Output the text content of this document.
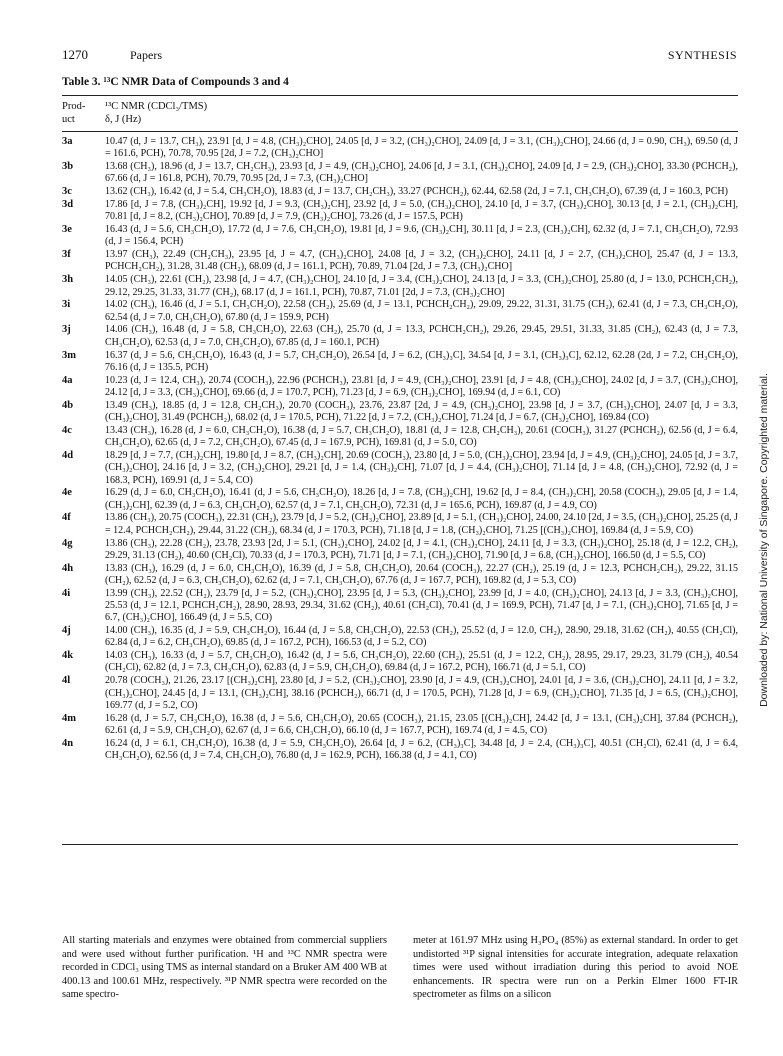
1270	Papers	SYNTHESIS
Table 3. ¹³C NMR Data of Compounds 3 and 4
Prod-
uct
¹³C NMR (CDCl₃/TMS)
δ, J (Hz)
3a	10.47 (d, J = 13.7, CH₃), 23.91 [d, J = 4.8, (CH₃)₂CHO], 24.05 [d, J = 3.2, (CH₃)₂CHO], 24.09 [d, J = 3.1, (CH₃)₂CHO], 24.66 (d, J = 0.90, CH₃), 69.50 (d, J = 161.6, PCH), 70.78, 70.95 [2d, J = 7.2, (CH₃)₂CHO]
3b	13.68 (CH₃), 18.96 (d, J = 13.7, CH₂CH₃), 23.93 [d, J = 4.9, (CH₃)₂CHO], 24.06 [d, J = 3.1, (CH₃)₂CHO], 24.09 [d, J = 2.9, (CH₃)₂CHO], 33.30 (PCHCH₂), 67.66 (d, J = 161.8, PCH), 70.79, 70.95 [2d, J = 7.3, (CH₃)₂CHO]
3c	13.62 (CH₃), 16.42 (d, J = 5.4, CH₃CH₂O), 18.83 (d, J = 13.7, CH₂CH₃), 33.27 (PCHCH₂), 62.44, 62.58 (2d, J = 7.1, CH₃CH₂O), 67.39 (d, J = 160.3, PCH)
3d	17.86 [d, J = 7.8, (CH₃)₂CH], 19.92 [d, J = 9.3, (CH₃)₂CH], 23.92 [d, J = 5.0, (CH₃)₂CHO], 24.10 [d, J = 3.7, (CH₃)₂CHO], 30.13 [d, J = 2.1, (CH₃)₂CH], 70.81 [d, J = 8.2, (CH₃)₂CHO], 70.89 [d, J = 7.9, (CH₃)₂CHO], 73.26 (d, J = 157.5, PCH)
3e	16.43 (d, J = 5.6, CH₃CH₂O), 17.72 (d, J = 7.6, CH₃CH₂O), 19.81 [d, J = 9.6, (CH₃)₂CH], 30.11 [d, J = 2.3, (CH₃)₂CH], 62.32 (d, J = 7.1, CH₃CH₂O), 72.93 (d, J = 156.4, PCH)
3f	13.97 (CH₃), 22.49 (CH₂CH₃), 23.95 [d, J = 4.7, (CH₃)₂CHO], 24.08 [d, J = 3.2, (CH₃)₂CHO], 24.11 [d, J = 2.7, (CH₃)₂CHO], 25.47 (d, J = 13.3, PCHCH₂CH₂), 31.28, 31.48 (CH₂), 68.09 (d, J = 161.1, PCH), 70.89, 71.04 [2d, J = 7.3, (CH₃)₂CHO]
3h	14.05 (CH₃), 22.61 (CH₂), 23.98 [d, J = 4.7, (CH₃)₂CHO], 24.10 [d, J = 3.4, (CH₃)₂CHO], 24.13 [d, J = 3.3, (CH₃)₂CHO], 25.80 (d, J = 13.0, PCHCH₂CH₂), 29.12, 29.25, 31.33, 31.77 (CH₂), 68.17 (d, J = 161.1, PCH), 70.87, 71.01 [2d, J = 7.3, (CH₃)₂CHO]
3i	14.02 (CH₃), 16.46 (d, J = 5.1, CH₃CH₂O), 22.58 (CH₂), 25.69 (d, J = 13.1, PCHCH₂CH₂), 29.09, 29.22, 31.31, 31.75 (CH₂), 62.41 (d, J = 7.3, CH₃CH₂O), 62.54 (d, J = 7.0, CH₃CH₂O), 67.80 (d, J = 159.9, PCH)
3j	14.06 (CH₃), 16.48 (d, J = 5.8, CH₃CH₂O), 22.63 (CH₂), 25.70 (d, J = 13.3, PCHCH₂CH₂), 29.26, 29.45, 29.51, 31.33, 31.85 (CH₂), 62.43 (d, J = 7.3, CH₃CH₂O), 62.53 (d, J = 7.0, CH₃CH₂O), 67.85 (d, J = 160.1, PCH)
3m	16.37 (d, J = 5.6, CH₃CH₂O), 16.43 (d, J = 5.7, CH₃CH₂O), 26.54 [d, J = 6.2, (CH₃)₃C], 34.54 [d, J = 3.1, (CH₃)₃C], 62.12, 62.28 (2d, J = 7.2, CH₃CH₂O), 76.16 (d, J = 135.5, PCH)
4a	10.23 (d, J = 12.4, CH₃), 20.74 (COCH₃), 22.96 (PCHCH₃), 23.81 [d, J = 4.9, (CH₃)₂CHO], 23.91 [d, J = 4.8, (CH₃)₂CHO], 24.02 [d, J = 3.7, (CH₃)₂CHO], 24.12 [d, J = 3.3, (CH₃)₂CHO], 69.66 (d, J = 170.7, PCH), 71.23 [d, J = 6.9, (CH₃)₂CHO], 169.94 (d, J = 6.1, CO)
4b	13.49 (CH₃), 18.85 (d, J = 12.8, CH₂CH₃), 20.70 (COCH₃), 23.76, 23.87 [2d, J = 4.9, (CH₃)₂CHO], 23.98 [d, J = 3.7, (CH₃)₂CHO], 24.07 [d, J = 3.3, (CH₃)₂CHO], 31.49 (PCHCH₂), 68.02 (d, J = 170.5, PCH), 71.22 [d, J = 7.2, (CH₃)₂CHO], 71.24 [d, J = 6.7, (CH₃)₂CHO], 169.84 (CO)
4c	13.43 (CH₃), 16.28 (d, J = 6.0, CH₃CH₂O), 16.38 (d, J = 5.7, CH₃CH₂O), 18.81 (d, J = 12.8, CH₂CH₃), 20.61 (COCH₃), 31.27 (PCHCH₂), 62.56 (d, J = 6.4, CH₃CH₂O), 62.65 (d, J = 7.2, CH₃CH₂O), 67.45 (d, J = 167.9, PCH), 169.81 (d, J = 5.0, CO)
4d	18.29 [d, J = 7.7, (CH₃)₂CH], 19.80 [d, J = 8.7, (CH₃)₂CH], 20.69 (COCH₃), 23.80 [d, J = 5.0, (CH₃)₂CHO], 23.94 [d, J = 4.9, (CH₃)₂CHO], 24.05 [d, J = 3.7, (CH₃)₂CHO], 24.16 [d, J = 3.2, (CH₃)₂CHO], 29.21 [d, J = 1.4, (CH₃)₂CH], 71.07 [d, J = 4.4, (CH₃)₂CHO], 71.14 [d, J = 4.8, (CH₃)₂CHO], 72.92 (d, J = 168.3, PCH), 169.91 (d, J = 5.4, CO)
4e	16.29 (d, J = 6.0, CH₃CH₂O), 16.41 (d, J = 5.6, CH₃CH₂O), 18.26 [d, J = 7.8, (CH₃)₂CH], 19.62 [d, J = 8.4, (CH₃)₂CH], 20.58 (COCH₃), 29.05 [d, J = 1.4, (CH₃)₂CH], 62.39 (d, J = 6.3, CH₃CH₂O), 62.57 (d, J = 7.1, CH₃CH₂O), 72.31 (d, J = 165.6, PCH), 169.87 (d, J = 4.9, CO)
4f	13.86 (CH₃), 20.75 (COCH₃), 22.31 (CH₂), 23.79 [d, J = 5.2, (CH₃)₂CHO], 23.89 [d, J = 5.1, (CH₃)₂CHO], 24.00, 24.10 [2d, J = 3.5, (CH₃)₂CHO], 25.25 (d, J = 12.4, PCHCH₂CH₂), 29.44, 31.22 (CH₂), 68.34 (d, J = 170.3, PCH), 71.18 [d, J = 1.8, (CH₃)₂CHO], 71.25 [(CH₃)₂CHO], 169.84 (d, J = 5.9, CO)
4g	13.86 (CH₃), 22.28 (CH₂), 23.78, 23.93 [2d, J = 5.1, (CH₃)₂CHO], 24.02 [d, J = 4.1, (CH₃)₂CHO], 24.11 [d, J = 3.3, (CH₃)₂CHO], 25.18 (d, J = 12.2, CH₂), 29.29, 31.13 (CH₂), 40.60 (CH₂Cl), 70.33 (d, J = 170.3, PCH), 71.71 [d, J = 7.1, (CH₃)₂CHO], 71.90 [d, J = 6.8, (CH₃)₂CHO], 166.50 (d, J = 5.5, CO)
4h	13.83 (CH₃), 16.29 (d, J = 6.0, CH₃CH₂O), 16.39 (d, J = 5.8, CH₃CH₂O), 20.64 (COCH₃), 22.27 (CH₂), 25.19 (d, J = 12.3, PCHCH₂CH₂), 29.22, 31.15 (CH₂), 62.52 (d, J = 6.3, CH₃CH₂O), 62.62 (d, J = 7.1, CH₃CH₂O), 67.76 (d, J = 167.7, PCH), 169.82 (d, J = 5.3, CO)
4i	13.99 (CH₃), 22.52 (CH₂), 23.79 [d, J = 5.2, (CH₃)₂CHO], 23.95 [d, J = 5.3, (CH₃)₂CHO], 23.99 [d, J = 4.0, (CH₃)₂CHO], 24.13 [d, J = 3.3, (CH₃)₂CHO], 25.53 (d, J = 12.1, PCHCH₂CH₂), 28.90, 28.93, 29.34, 31.62 (CH₂), 40.61 (CH₂Cl), 70.41 (d, J = 169.9, PCH), 71.47 [d, J = 7.1, (CH₃)₂CHO], 71.65 [d, J = 6.7, (CH₃)₂CHO], 166.49 (d, J = 5.5, CO)
4j	14.00 (CH₃), 16.35 (d, J = 5.9, CH₃CH₂O), 16.44 (d, J = 5.8, CH₃CH₂O), 22.53 (CH₂), 25.52 (d, J = 12.0, CH₂), 28.90, 29.18, 31.62 (CH₂), 40.55 (CH₂Cl), 62.84 (d, J = 6.2, CH₃CH₂O), 69.85 (d, J = 167.2, PCH), 166.53 (d, J = 5.2, CO)
4k	14.03 (CH₃), 16.33 (d, J = 5.7, CH₃CH₂O), 16.42 (d, J = 5.6, CH₃CH₂O), 22.60 (CH₂), 25.51 (d, J = 12.2, CH₂), 28.95, 29.17, 29.23, 31.79 (CH₂), 40.54 (CH₂Cl), 62.82 (d, J = 7.3, CH₃CH₂O), 62.83 (d, J = 5.9, CH₃CH₂O), 69.84 (d, J = 167.2, PCH), 166.71 (d, J = 5.1, CO)
4l	20.78 (COCH₃), 21.26, 23.17 [(CH₃)₂CH], 23.80 [d, J = 5.2, (CH₃)₂CHO], 23.90 [d, J = 4.9, (CH₃)₂CHO], 24.01 [d, J = 3.6, (CH₃)₂CHO], 24.11 [d, J = 3.2, (CH₃)₂CHO], 24.45 [d, J = 13.1, (CH₃)₂CH], 38.16 (PCHCH₂), 66.71 (d, J = 170.5, PCH), 71.28 [d, J = 6.9, (CH₃)₂CHO], 71.35 [d, J = 6.5, (CH₃)₂CHO], 169.77 (d, J = 5.2, CO)
4m	16.28 (d, J = 5.7, CH₃CH₂O), 16.38 (d, J = 5.6, CH₃CH₂O), 20.65 (COCH₃), 21.15, 23.05 [(CH₃)₂CH], 24.42 [d, J = 13.1, (CH₃)₂CH], 37.84 (PCHCH₂), 62.61 (d, J = 5.9, CH₃CH₂O), 62.67 (d, J = 6.6, CH₃CH₂O), 66.10 (d, J = 167.7, PCH), 169.74 (d, J = 4.5, CO)
4n	16.24 (d, J = 6.1, CH₃CH₂O), 16.38 (d, J = 5.9, CH₃CH₂O), 26.64 [d, J = 6.2, (CH₃)₃C], 34.48 [d, J = 2.4, (CH₃)₃C], 40.51 (CH₂Cl), 62.41 (d, J = 6.4, CH₃CH₂O), 62.56 (d, J = 7.4, CH₃CH₂O), 76.80 (d, J = 162.9, PCH), 166.38 (d, J = 4.1, CO)
All starting materials and enzymes were obtained from commercial suppliers and were used without further purification. ¹H and ¹³C NMR spectra were recorded in CDCl₃ using TMS as internal standard on a Bruker AM 400 WB at 400.13 and 100.61 MHz, respectively. ³¹P NMR spectra were recorded on the same spectro-
meter at 161.97 MHz using H₃PO₄ (85%) as external standard. In order to get undistorted ³¹P signal intensities for accurate integration, adequate relaxation times were used without irradiation during this period to avoid NOE enhancements. IR spectra were run on a Perkin Elmer 1600 FT-IR spectrometer as films on a silicon
Downloaded by: National University of Singapore. Copyrighted material.
